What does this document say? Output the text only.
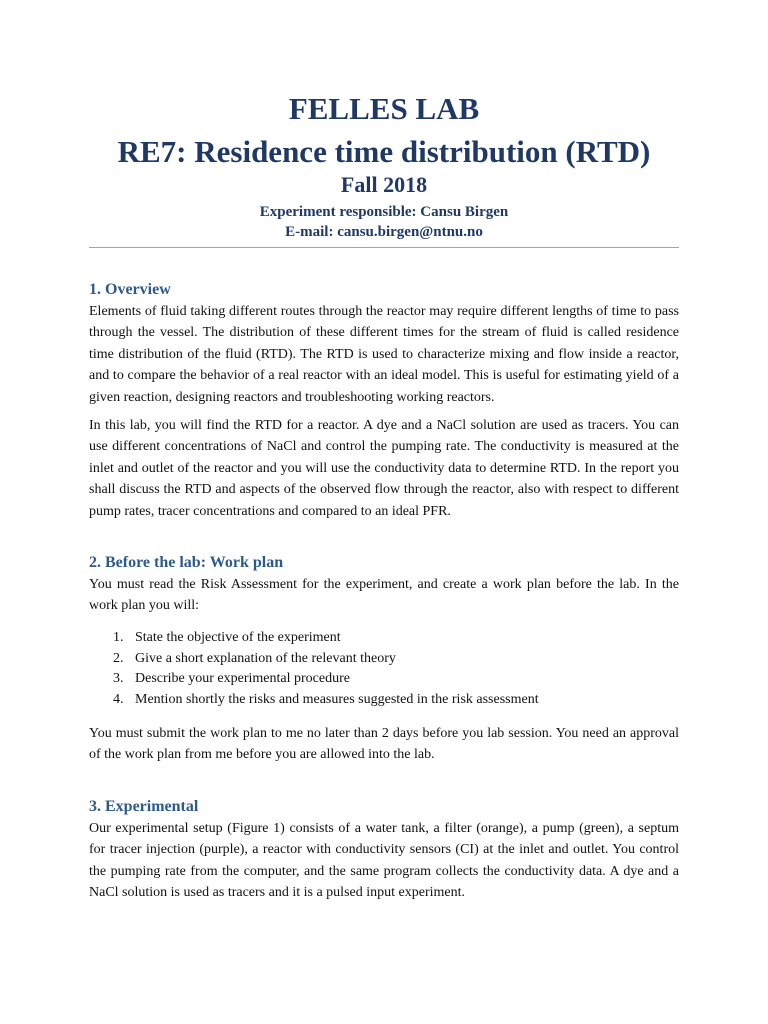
FELLES LAB
RE7: Residence time distribution (RTD)
Fall 2018
Experiment responsible: Cansu Birgen
E-mail: cansu.birgen@ntnu.no
1. Overview

Elements of fluid taking different routes through the reactor may require different lengths of time to pass through the vessel. The distribution of these different times for the stream of fluid is called residence time distribution of the fluid (RTD). The RTD is used to characterize mixing and flow inside a reactor, and to compare the behavior of a real reactor with an ideal model. This is useful for estimating yield of a given reaction, designing reactors and troubleshooting working reactors.

In this lab, you will find the RTD for a reactor. A dye and a NaCl solution are used as tracers. You can use different concentrations of NaCl and control the pumping rate. The conductivity is measured at the inlet and outlet of the reactor and you will use the conductivity data to determine RTD. In the report you shall discuss the RTD and aspects of the observed flow through the reactor, also with respect to different pump rates, tracer concentrations and compared to an ideal PFR.

2. Before the lab: Work plan

You must read the Risk Assessment for the experiment, and create a work plan before the lab. In the work plan you will:

1. State the objective of the experiment
2. Give a short explanation of the relevant theory
3. Describe your experimental procedure
4. Mention shortly the risks and measures suggested in the risk assessment

You must submit the work plan to me no later than 2 days before you lab session. You need an approval of the work plan from me before you are allowed into the lab.

3. Experimental

Our experimental setup (Figure 1) consists of a water tank, a filter (orange), a pump (green), a septum for tracer injection (purple), a reactor with conductivity sensors (CI) at the inlet and outlet. You control the pumping rate from the computer, and the same program collects the conductivity data. A dye and a NaCl solution is used as tracers and it is a pulsed input experiment.
